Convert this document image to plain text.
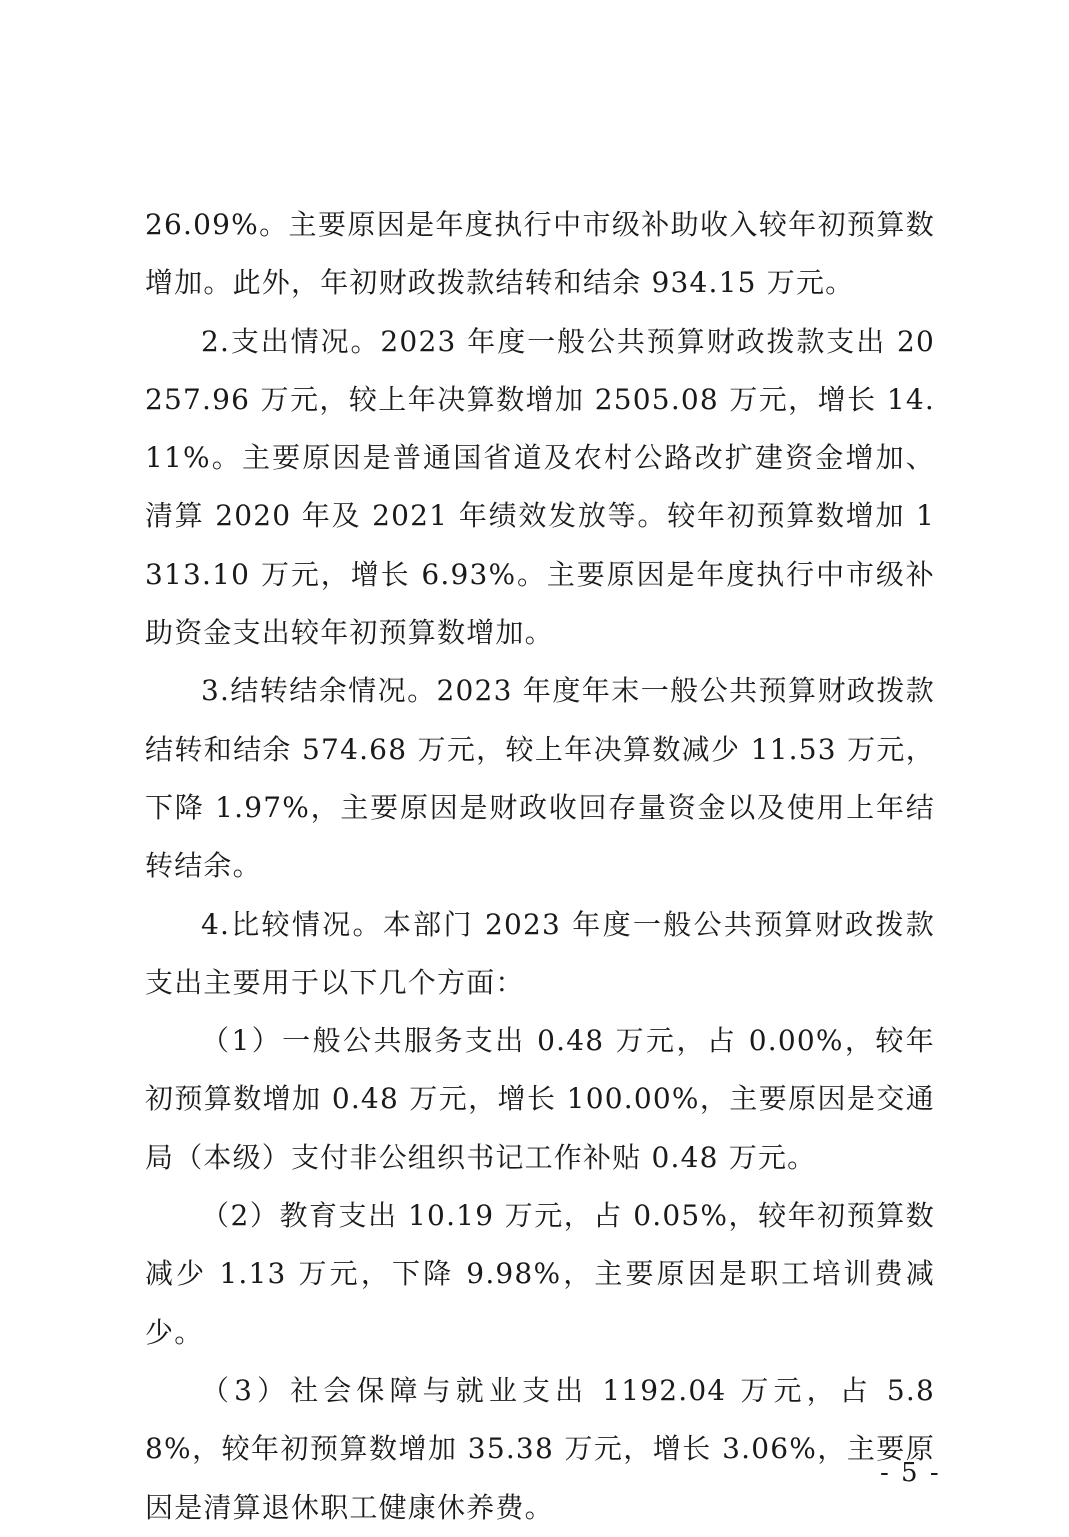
26.09%。主要原因是年度执行中市级补助收入较年初预算数增加。此外，年初财政拨款结转和结余 934.15 万元。

2.支出情况。2023 年度一般公共预算财政拨款支出 20257.96 万元，较上年决算数增加 2505.08 万元，增长 14.11%。主要原因是普通国省道及农村公路改扩建资金增加、清算 2020 年及 2021 年绩效发放等。较年初预算数增加 1313.10 万元，增长 6.93%。主要原因是年度执行中市级补助资金支出较年初预算数增加。

3.结转结余情况。2023 年度年末一般公共预算财政拨款结转和结余 574.68 万元，较上年决算数减少 11.53 万元，下降 1.97%，主要原因是财政收回存量资金以及使用上年结转结余。

4.比较情况。本部门 2023 年度一般公共预算财政拨款支出主要用于以下几个方面：

（1）一般公共服务支出 0.48 万元，占 0.00%，较年初预算数增加 0.48 万元，增长 100.00%，主要原因是交通局（本级）支付非公组织书记工作补贴 0.48 万元。

（2）教育支出 10.19 万元，占 0.05%，较年初预算数减少 1.13 万元，下降 9.98%，主要原因是职工培训费减少。

（3）社会保障与就业支出 1192.04 万元，占 5.88%，较年初预算数增加 35.38 万元，增长 3.06%，主要原因是清算退休职工健康休养费。

- 5 -
